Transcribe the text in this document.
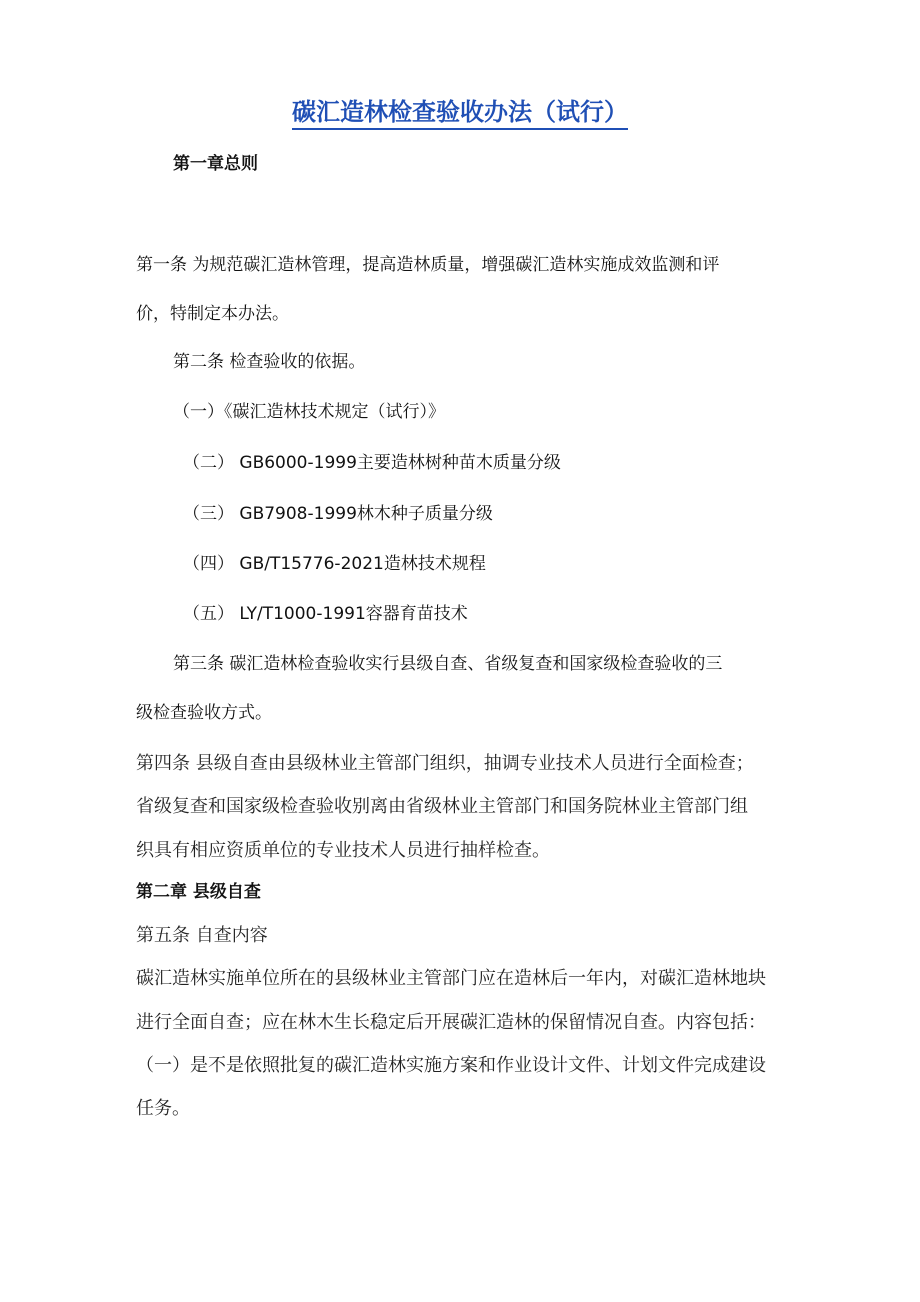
碳汇造林检查验收办法（试行）
第一章总则
第一条 为规范碳汇造林管理，提高造林质量，增强碳汇造林实施成效监测和评
价，特制定本办法。
第二条 检查验收的依据。
（一）《碳汇造林技术规定（试行）》
（二） GB6000-1999主要造林树种苗木质量分级
（三） GB7908-1999林木种子质量分级
（四） GB/T15776-2021造林技术规程
（五） LY/T1000-1991容器育苗技术
第三条 碳汇造林检查验收实行县级自查、省级复查和国家级检查验收的三
级检查验收方式。
第四条 县级自查由县级林业主管部门组织，抽调专业技术人员进行全面检查；
省级复查和国家级检查验收别离由省级林业主管部门和国务院林业主管部门组
织具有相应资质单位的专业技术人员进行抽样检查。
第二章 县级自查
第五条 自查内容
碳汇造林实施单位所在的县级林业主管部门应在造林后一年内，对碳汇造林地块
进行全面自查；应在林木生长稳定后开展碳汇造林的保留情况自查。内容包括：
（一）是不是依照批复的碳汇造林实施方案和作业设计文件、计划文件完成建设
任务。
